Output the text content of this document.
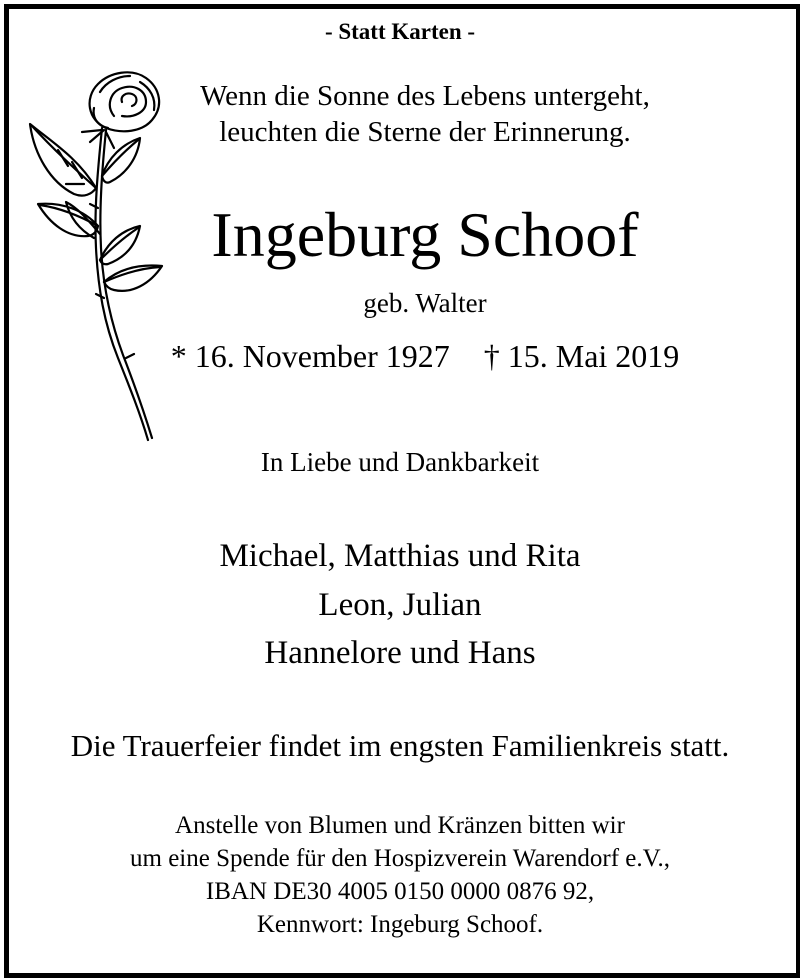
- Statt Karten -
Wenn die Sonne des Lebens untergeht,
leuchten die Sterne der Erinnerung.
Ingeburg Schoof
geb. Walter
* 16. November 1927 † 15. Mai 2019
In Liebe und Dankbarkeit
Michael, Matthias und Rita
Leon, Julian
Hannelore und Hans
Die Trauerfeier findet im engsten Familienkreis statt.
Anstelle von Blumen und Kränzen bitten wir
um eine Spende für den Hospizverein Warendorf e.V.,
IBAN DE30 4005 0150 0000 0876 92,
Kennwort: Ingeburg Schoof.
